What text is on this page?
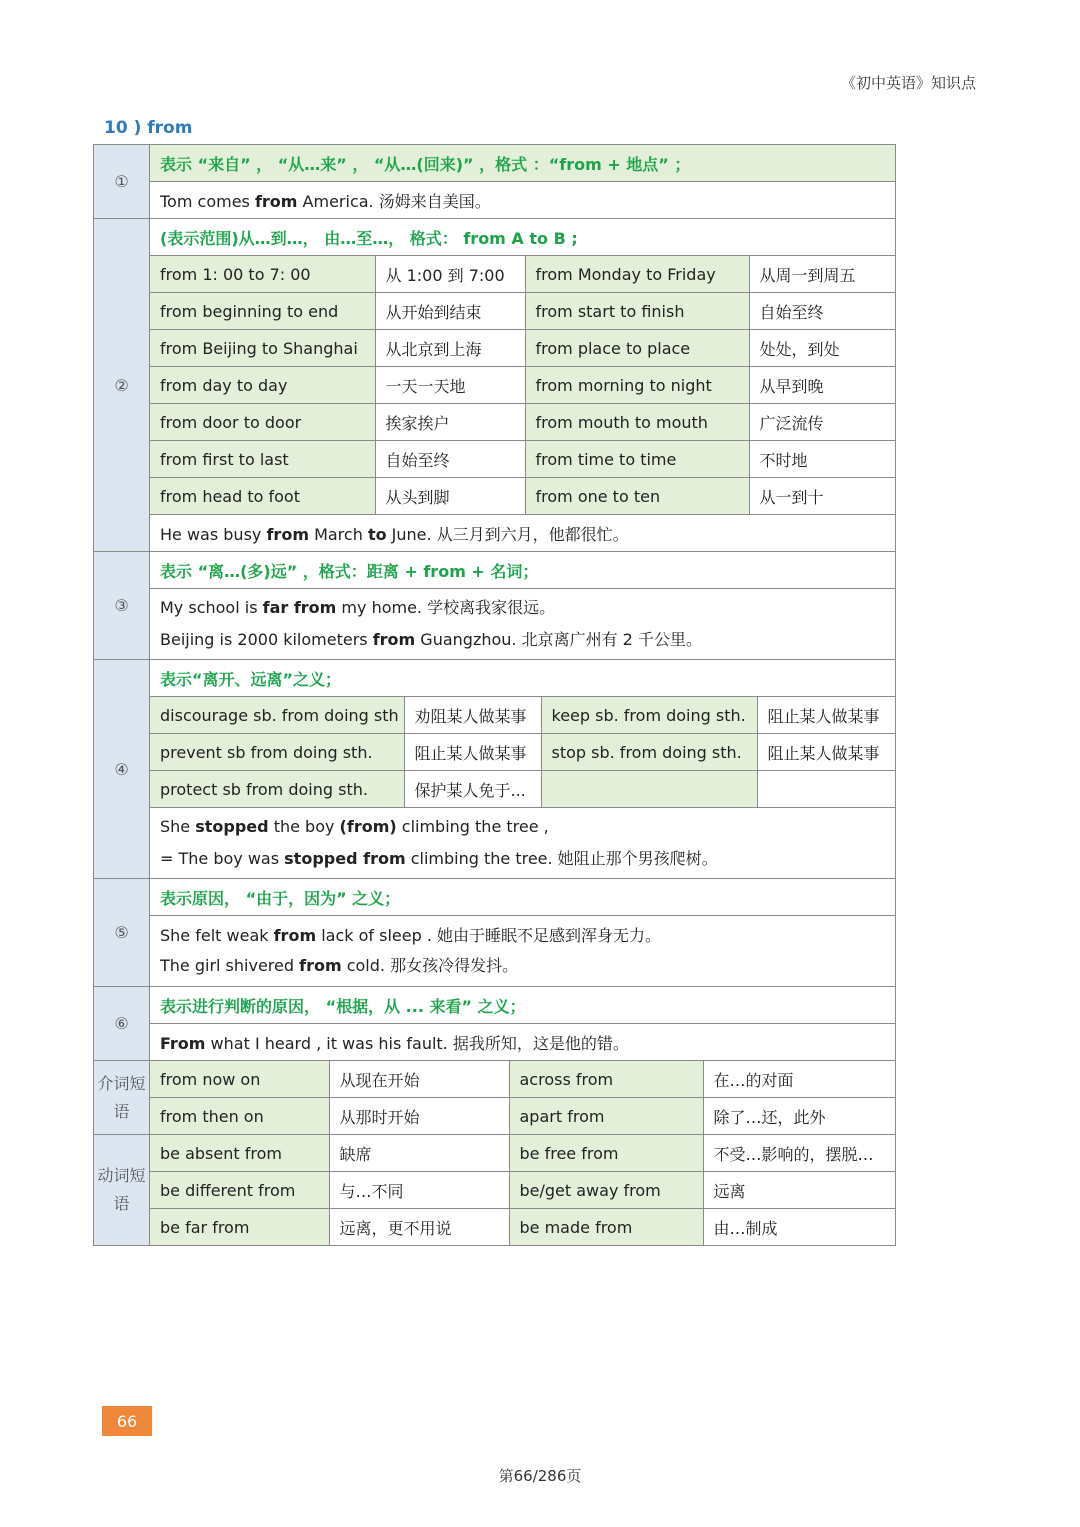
《初中英语》知识点
10 ) from
①	表示 “来自” ， “从…来” ， “从…(回来)” ，格式 ：“from + 地点” ；
Tom comes from America. 汤姆来自美国。
②	(表示范围)从…到…， 由…至…， 格式： from A to B ;

from 1: 00 to 7: 00	从 1:00 到 7:00	from Monday to Friday	从周一到周五
from beginning to end	从开始到结束	from start to finish	自始至终
from Beijing to Shanghai	从北京到上海	from place to place	处处，到处
from day to day	一天一天地	from morning to night	从早到晚
from door to door	挨家挨户	from mouth to mouth	广泛流传
from first to last	自始至终	from time to time	不时地
from head to foot	从头到脚	from one to ten	从一到十

He was busy from March to June. 从三月到六月，他都很忙。
③	表示 “离…(多)远” ，格式：距离 + from + 名词；

My school is far from my home. 学校离我家很远。
Beijing is 2000 kilometers from Guangzhou. 北京离广州有 2 千公里。

④	表示“离开、远离”之义；

discourage sb. from doing sth	劝阻某人做某事	keep sb. from doing sth.	阻止某人做某事
prevent sb from doing sth.	阻止某人做某事	stop sb. from doing sth.	阻止某人做某事
protect sb from doing sth.	保护某人免于...		

She stopped the boy (from) climbing the tree ,
= The boy was stopped from climbing the tree. 她阻止那个男孩爬树。

⑤	表示原因， “由于，因为” 之义；

She felt weak from lack of sleep . 她由于睡眠不足感到浑身无力。
The girl shivered from cold. 那女孩冷得发抖。

⑥	表示进行判断的原因， “根据，从 ... 来看” 之义；
From what I heard , it was his fault. 据我所知，这是他的错。
介词短语	
from now on	从现在开始	across from	在…的对面
from then on	从那时开始	apart from	除了…还，此外

动词短语	
be absent from	缺席	be free from	不受…影响的，摆脱…
be different from	与…不同	be/get away from	远离
be far from	远离，更不用说	be made from	由…制成
66
第66/286页
